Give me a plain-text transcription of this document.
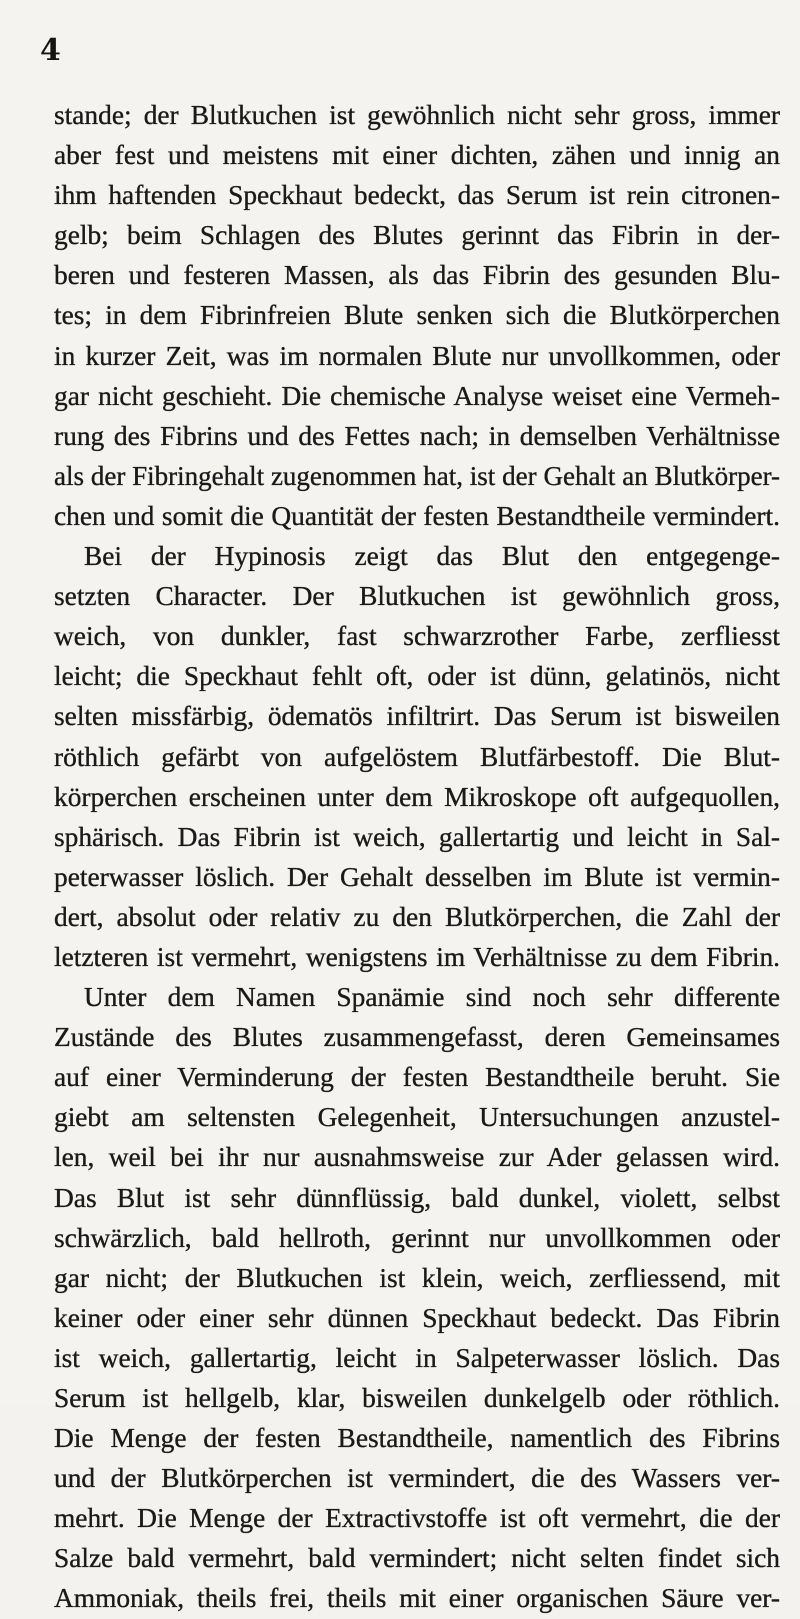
4
stande; der Blutkuchen ist gewöhnlich nicht sehr gross, immer
aber fest und meistens mit einer dichten, zähen und innig an
ihm haftenden Speckhaut bedeckt, das Serum ist rein citronen-
gelb; beim Schlagen des Blutes gerinnt das Fibrin in der-
beren und festeren Massen, als das Fibrin des gesunden Blu-
tes; in dem Fibrinfreien Blute senken sich die Blutkörperchen
in kurzer Zeit, was im normalen Blute nur unvollkommen, oder
gar nicht geschieht. Die chemische Analyse weiset eine Vermeh-
rung des Fibrins und des Fettes nach; in demselben Verhältnisse
als der Fibringehalt zugenommen hat, ist der Gehalt an Blutkörper-
chen und somit die Quantität der festen Bestandtheile vermindert.
Bei der Hypinosis zeigt das Blut den entgegenge-
setzten Character. Der Blutkuchen ist gewöhnlich gross,
weich, von dunkler, fast schwarzrother Farbe, zerfliesst
leicht; die Speckhaut fehlt oft, oder ist dünn, gelatinös, nicht
selten missfärbig, ödematös infiltrirt. Das Serum ist bisweilen
röthlich gefärbt von aufgelöstem Blutfärbestoff. Die Blut-
körperchen erscheinen unter dem Mikroskope oft aufgequollen,
sphärisch. Das Fibrin ist weich, gallertartig und leicht in Sal-
peterwasser löslich. Der Gehalt desselben im Blute ist vermin-
dert, absolut oder relativ zu den Blutkörperchen, die Zahl der
letzteren ist vermehrt, wenigstens im Verhältnisse zu dem Fibrin.
Unter dem Namen Spanämie sind noch sehr differente
Zustände des Blutes zusammengefasst, deren Gemeinsames
auf einer Verminderung der festen Bestandtheile beruht. Sie
giebt am seltensten Gelegenheit, Untersuchungen anzustel-
len, weil bei ihr nur ausnahmsweise zur Ader gelassen wird.
Das Blut ist sehr dünnflüssig, bald dunkel, violett, selbst
schwärzlich, bald hellroth, gerinnt nur unvollkommen oder
gar nicht; der Blutkuchen ist klein, weich, zerfliessend, mit
keiner oder einer sehr dünnen Speckhaut bedeckt. Das Fibrin
ist weich, gallertartig, leicht in Salpeterwasser löslich. Das
Serum ist hellgelb, klar, bisweilen dunkelgelb oder röthlich.
Die Menge der festen Bestandtheile, namentlich des Fibrins
und der Blutkörperchen ist vermindert, die des Wassers ver-
mehrt. Die Menge der Extractivstoffe ist oft vermehrt, die der
Salze bald vermehrt, bald vermindert; nicht selten findet sich
Ammoniak, theils frei, theils mit einer organischen Säure ver-
